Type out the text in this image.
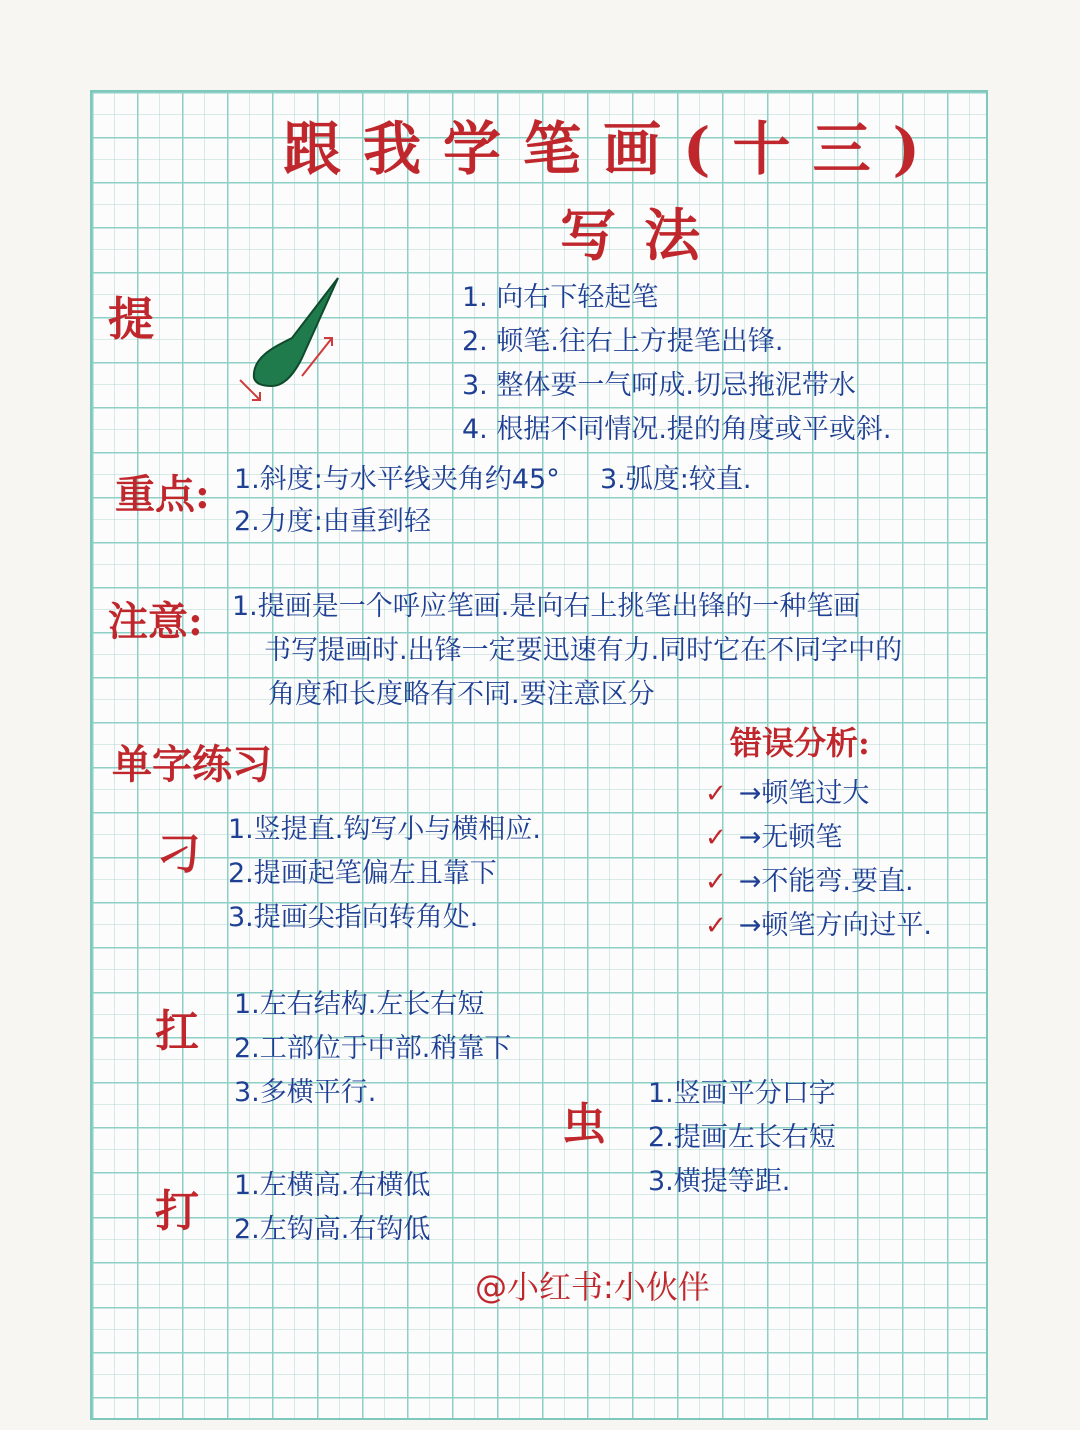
跟我学笔画(十三)
写法
提	1. 向右下轻起笔
2. 顿笔.往右上方提笔出锋.
3. 整体要一气呵成.切忌拖泥带水
4. 根据不同情况.提的角度或平或斜.
重点: 1.斜度:与水平线夹角约45° 3.弧度:较直.
2.力度:由重到轻
注意: 1.提画是一个呼应笔画.是向右上挑笔出锋的一种笔画
书写提画时.出锋一定要迅速有力.同时它在不同字中的
角度和长度略有不同.要注意区分
单字练习	错误分析:
✓ →顿笔过大
✓ →无顿笔
✓ →不能弯.要直.
✓ →顿笔方向过平.
刁 1.竖提直.钩写小与横相应.
2.提画起笔偏左且靠下
3.提画尖指向转角处.
扛
1.左右结构.左长右短
2.工部位于中部.稍靠下
3.多横平行.
虫
1.竖画平分口字
2.提画左长右短
3.横提等距.
打
1.左横高.右横低
2.左钩高.右钩低
@小红书:小伙伴
